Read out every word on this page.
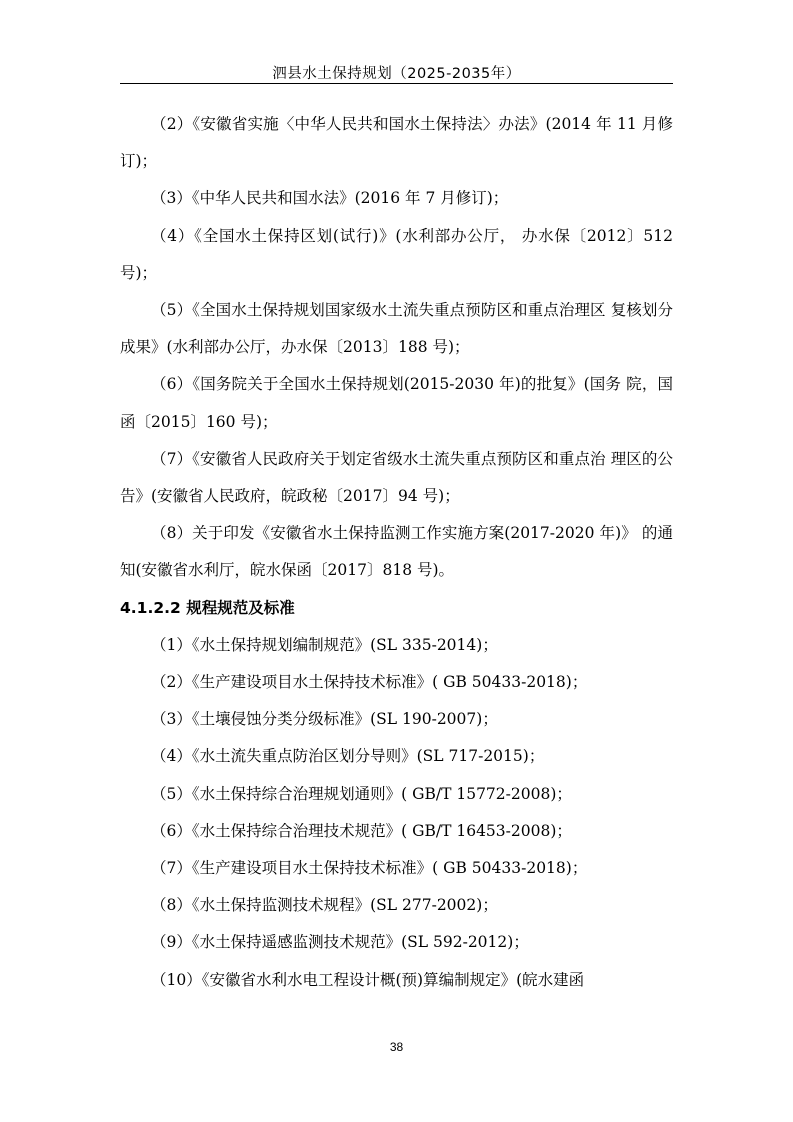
泗县水土保持规划（2025-2035年）

（2）《安徽省实施〈中华人民共和国水土保持法〉办法》(2014 年 11 月修订)；

（3）《中华人民共和国水法》(2016 年 7 月修订)；

（4）《全国水土保持区划(试行)》(水利部办公厅， 办水保〔2012〕512 号)；

（5）《全国水土保持规划国家级水土流失重点预防区和重点治理区 复核划分成果》(水利部办公厅，办水保〔2013〕188 号)；

（6）《国务院关于全国水土保持规划(2015-2030 年)的批复》(国务 院，国函〔2015〕160 号)；

（7）《安徽省人民政府关于划定省级水土流失重点预防区和重点治 理区的公告》(安徽省人民政府，皖政秘〔2017〕94 号)；

（8）关于印发《安徽省水土保持监测工作实施方案(2017-2020 年)》 的通知(安徽省水利厅，皖水保函〔2017〕818 号)。

4.1.2.2 规程规范及标准

（1）《水土保持规划编制规范》(SL 335-2014)；

（2）《生产建设项目水土保持技术标准》( GB 50433-2018)；

（3）《土壤侵蚀分类分级标准》(SL 190-2007)；

（4）《水土流失重点防治区划分导则》(SL 717-2015)；

（5）《水土保持综合治理规划通则》( GB/T 15772-2008)；

（6）《水土保持综合治理技术规范》( GB/T 16453-2008)；

（7）《生产建设项目水土保持技术标准》( GB 50433-2018)；

（8）《水土保持监测技术规程》(SL 277-2002)；

（9）《水土保持遥感监测技术规范》(SL 592-2012)；

（10）《安徽省水利水电工程设计概(预)算编制规定》(皖水建函

38
